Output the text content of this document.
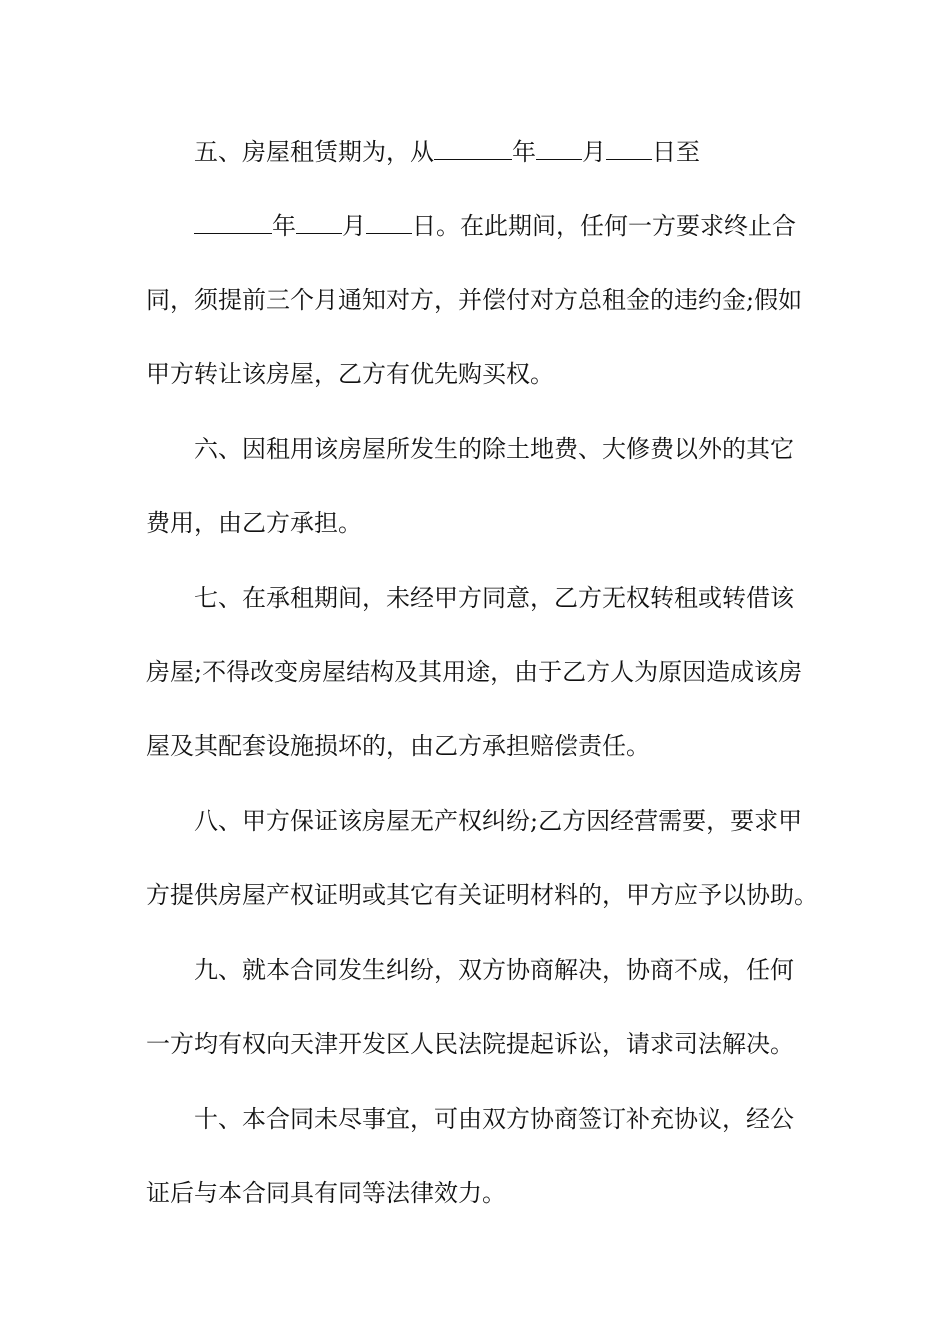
五、房屋租赁期为，从	年 月 日至
年 月 日。在此期间，任何一方要求终止合
同，须提前三个月通知对方，并偿付对方总租金的违约金;假如
甲方转让该房屋，乙方有优先购买权。
六、因租用该房屋所发生的除土地费、大修费以外的其它
费用，由乙方承担。
七、在承租期间，未经甲方同意，乙方无权转租或转借该
房屋;不得改变房屋结构及其用途，由于乙方人为原因造成该房
屋及其配套设施损坏的，由乙方承担赔偿责任。
八、甲方保证该房屋无产权纠纷;乙方因经营需要，要求甲
方提供房屋产权证明或其它有关证明材料的，甲方应予以协助。
九、就本合同发生纠纷，双方协商解决，协商不成，任何
一方均有权向天津开发区人民法院提起诉讼，请求司法解决。
十、本合同未尽事宜，可由双方协商签订补充协议，经公
证后与本合同具有同等法律效力。
